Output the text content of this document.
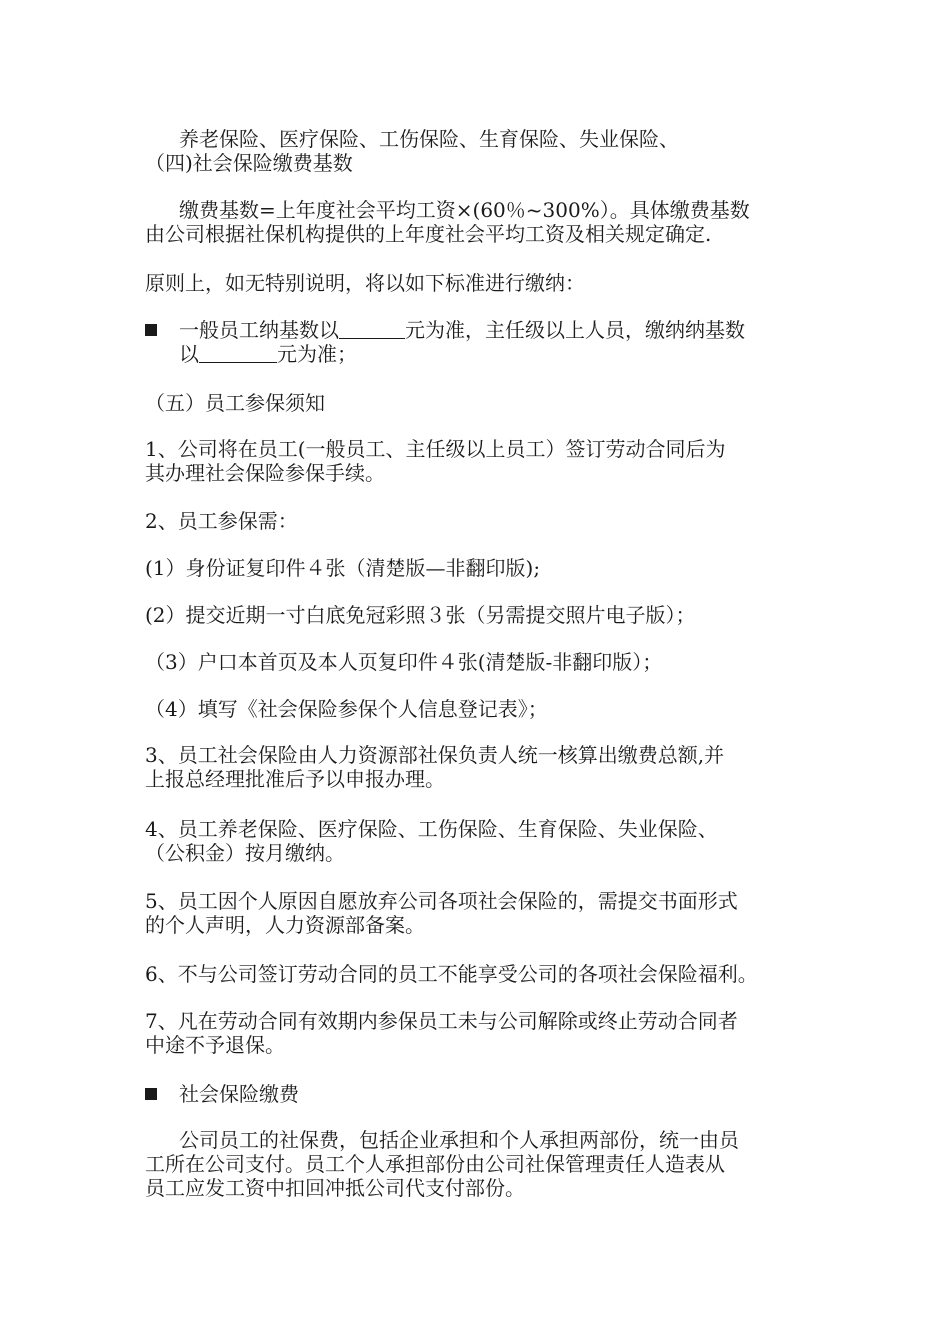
养老保险、医疗保险、工伤保险、生育保险、失业保险、
（四)社会保险缴费基数

缴费基数=上年度社会平均工资×(60％~300%）。具体缴费基数
由公司根据社保机构提供的上年度社会平均工资及相关规定确定.

原则上，如无特别说明，将以如下标准进行缴纳：

一般员工纳基数以	元为准，主任级以上人员，缴纳纳基数
以	元为准；

（五）员工参保须知

1、公司将在员工(一般员工、主任级以上员工）签订劳动合同后为
其办理社会保险参保手续。

2、员工参保需：

(1）身份证复印件４张（清楚版—非翻印版);

(2）提交近期一寸白底免冠彩照３张（另需提交照片电子版）；

（3）户口本首页及本人页复印件４张(清楚版-非翻印版）；

（4）填写《社会保险参保个人信息登记表》；

3、员工社会保险由人力资源部社保负责人统一核算出缴费总额,并
上报总经理批准后予以申报办理。

4、员工养老保险、医疗保险、工伤保险、生育保险、失业保险、
（公积金）按月缴纳。

5、员工因个人原因自愿放弃公司各项社会保险的，需提交书面形式
的个人声明，人力资源部备案。

6、不与公司签订劳动合同的员工不能享受公司的各项社会保险福利。

7、凡在劳动合同有效期内参保员工未与公司解除或终止劳动合同者
中途不予退保。

社会保险缴费

公司员工的社保费，包括企业承担和个人承担两部份，统一由员
工所在公司支付。员工个人承担部份由公司社保管理责任人造表从
员工应发工资中扣回冲抵公司代支付部份。
